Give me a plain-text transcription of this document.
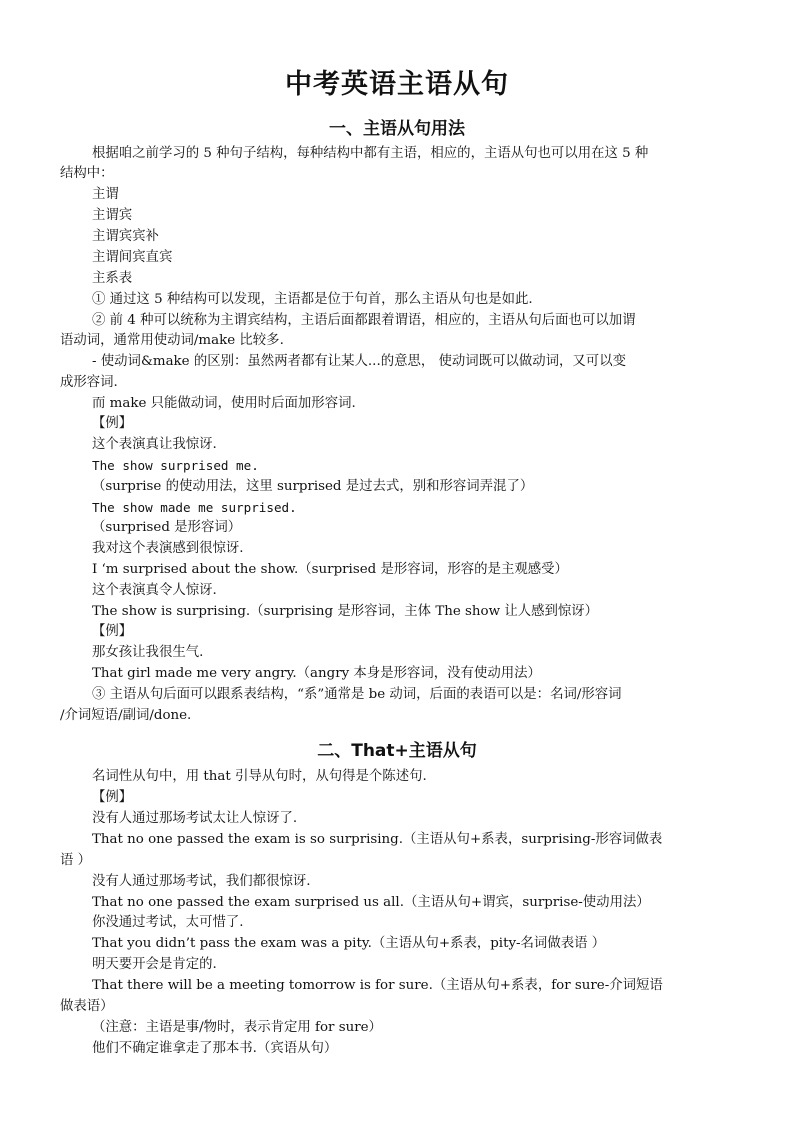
中考英语主语从句
一、主语从句用法
根据咱之前学习的 5 种句子结构，每种结构中都有主语，相应的，主语从句也可以用在这 5 种
结构中：
主谓
主谓宾
主谓宾宾补
主谓间宾直宾
主系表
① 通过这 5 种结构可以发现，主语都是位于句首，那么主语从句也是如此.
② 前 4 种可以统称为主谓宾结构，主语后面都跟着谓语，相应的，主语从句后面也可以加谓
语动词，通常用使动词/make 比较多.
- 使动词&make 的区别：虽然两者都有让某人...的意思， 使动词既可以做动词，又可以变
成形容词.
而 make 只能做动词，使用时后面加形容词.
【例】
这个表演真让我惊讶.
The show surprised me.
（surprise 的使动用法，这里 surprised 是过去式，别和形容词弄混了）
The show made me surprised.
（surprised 是形容词）
我对这个表演感到很惊讶.
I ‘m surprised about the show.（surprised 是形容词，形容的是主观感受）
这个表演真令人惊讶.
The show is surprising.（surprising 是形容词，主体 The show 让人感到惊讶）
【例】
那女孩让我很生气.
That girl made me very angry.（angry 本身是形容词，没有使动用法）
③ 主语从句后面可以跟系表结构，“系”通常是 be 动词，后面的表语可以是：名词/形容词
/介词短语/副词/done.
二、That+主语从句
名词性从句中，用 that 引导从句时，从句得是个陈述句.
【例】
没有人通过那场考试太让人惊讶了.
That no one passed the exam is so surprising.（主语从句+系表，surprising-形容词做表
语 ）
没有人通过那场考试，我们都很惊讶.
That no one passed the exam surprised us all.（主语从句+谓宾，surprise-使动用法）
你没通过考试，太可惜了.
That you didn’t pass the exam was a pity.（主语从句+系表，pity-名词做表语 ）
明天要开会是肯定的.
That there will be a meeting tomorrow is for sure.（主语从句+系表，for sure-介词短语
做表语）
（注意：主语是事/物时，表示肯定用 for sure）
他们不确定谁拿走了那本书.（宾语从句）
